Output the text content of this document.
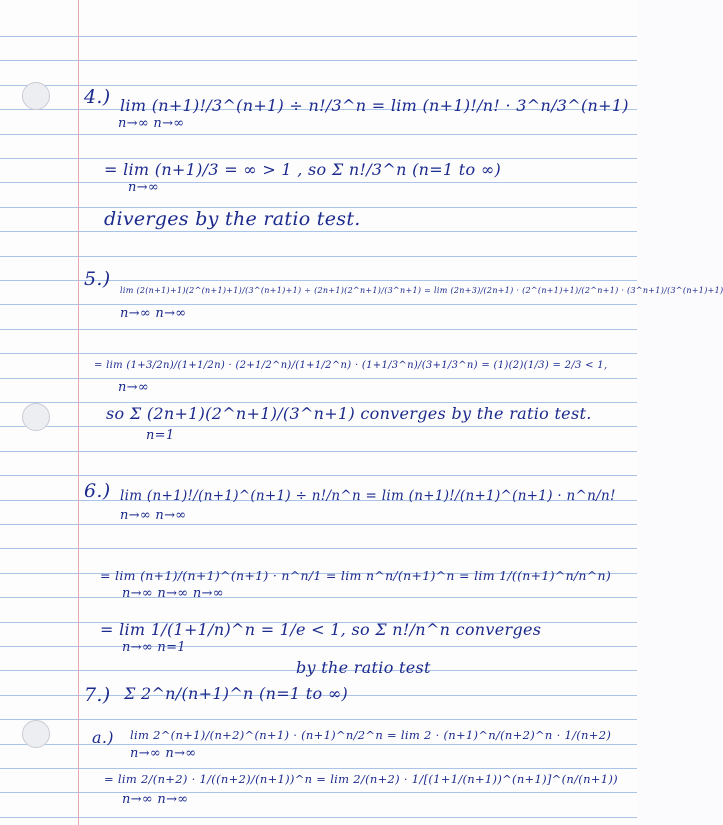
4.) lim (n+1)!/3^(n+1) ÷ n!/3^n = lim (n+1)!/n! · 3^n/3^(n+1)
n→∞ n→∞
= lim (n+1)/3 = ∞ > 1 , so Σ n!/3^n (n=1 to ∞)
n→∞
diverges by the ratio test.
5.)
lim (2(n+1)+1)(2^(n+1)+1)/(3^(n+1)+1) ÷ (2n+1)(2^n+1)/(3^n+1) = lim (2n+3)/(2n+1) · (2^(n+1)+1)/(2^n+1) · (3^n+1)/(3^(n+1)+1)
n→∞ n→∞
= lim (1+3/2n)/(1+1/2n) · (2+1/2^n)/(1+1/2^n) · (1+1/3^n)/(3+1/3^n) = (1)(2)(1/3) = 2/3 < 1,
n→∞
so Σ (2n+1)(2^n+1)/(3^n+1) converges by the ratio test.
n=1
6.) lim (n+1)!/(n+1)^(n+1) ÷ n!/n^n = lim (n+1)!/(n+1)^(n+1) · n^n/n!
n→∞ n→∞
= lim (n+1)/(n+1)^(n+1) · n^n/1 = lim n^n/(n+1)^n = lim 1/((n+1)^n/n^n)
n→∞ n→∞ n→∞
= lim 1/(1+1/n)^n = 1/e < 1, so Σ n!/n^n converges
n→∞ n=1
by the ratio test
7.) Σ 2^n/(n+1)^n (n=1 to ∞)
a.) lim 2^(n+1)/(n+2)^(n+1) · (n+1)^n/2^n = lim 2 · (n+1)^n/(n+2)^n · 1/(n+2)
n→∞ n→∞
= lim 2/(n+2) · 1/((n+2)/(n+1))^n = lim 2/(n+2) · 1/[(1+1/(n+1))^(n+1)]^(n/(n+1))
n→∞ n→∞
